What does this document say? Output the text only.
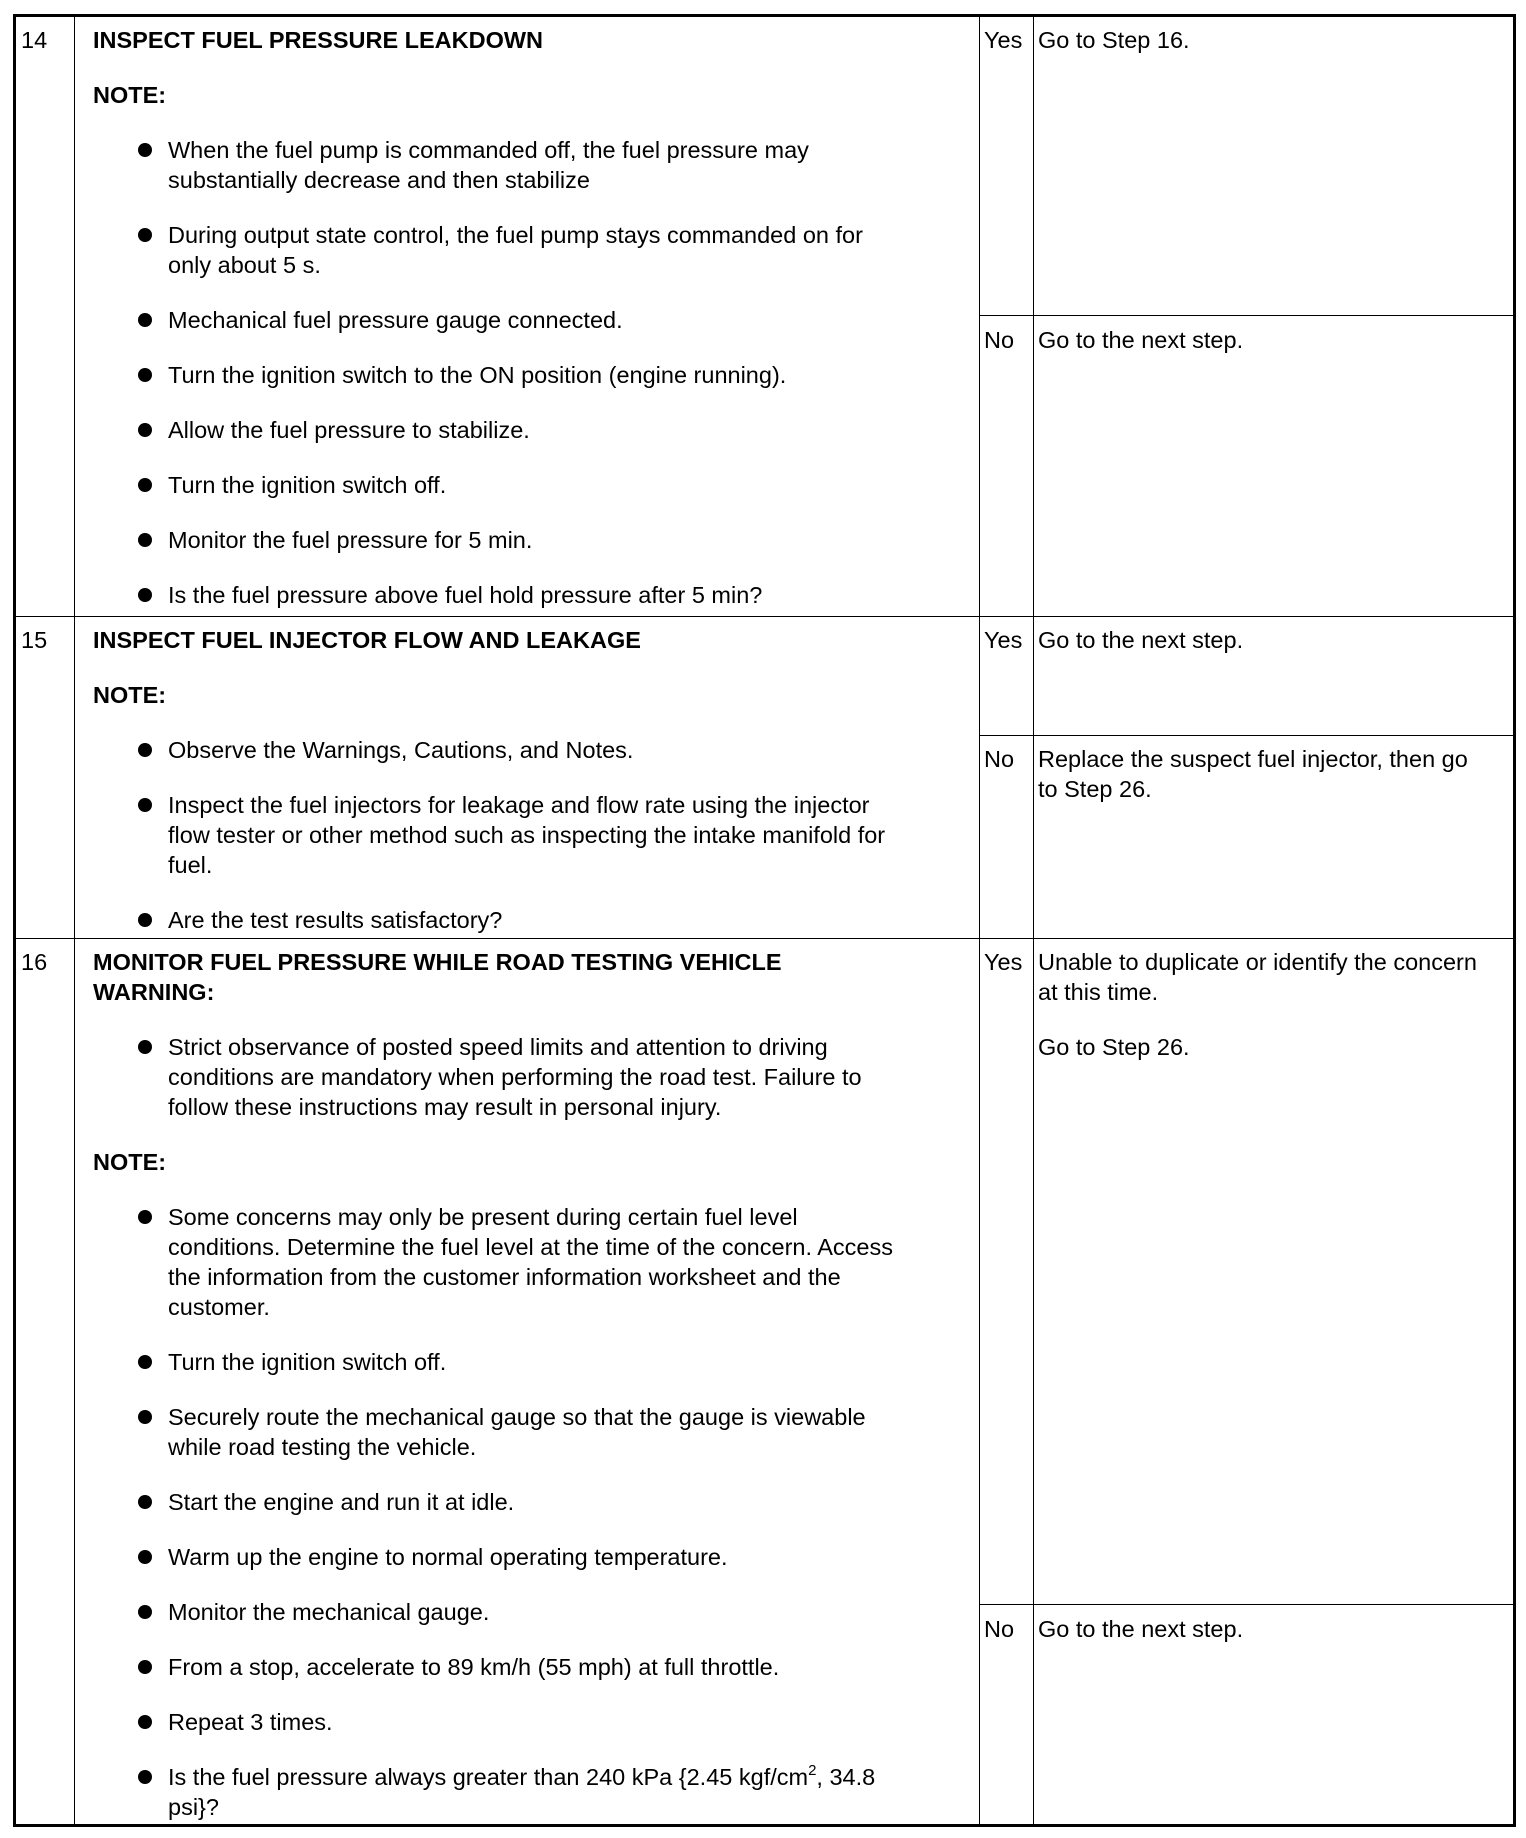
14 INSPECT FUEL PRESSURE LEAKDOWN
NOTE:
When the fuel pump is commanded off, the fuel pressure may
substantially decrease and then stabilize
During output state control, the fuel pump stays commanded on for
only about 5 s.
Mechanical fuel pressure gauge connected.
Turn the ignition switch to the ON position (engine running).
Allow the fuel pressure to stabilize.
Turn the ignition switch off.
Monitor the fuel pressure for 5 min.
Is the fuel pressure above fuel hold pressure after 5 min?
Yes Go to Step 16.
No Go to the next step.
15 INSPECT FUEL INJECTOR FLOW AND LEAKAGE
NOTE:
Observe the Warnings, Cautions, and Notes.
Inspect the fuel injectors for leakage and flow rate using the injector
flow tester or other method such as inspecting the intake manifold for
fuel.
Are the test results satisfactory?
Yes Go to the next step.
No Replace the suspect fuel injector, then go
to Step 26.
16 MONITOR FUEL PRESSURE WHILE ROAD TESTING VEHICLE
WARNING:
Strict observance of posted speed limits and attention to driving
conditions are mandatory when performing the road test. Failure to
follow these instructions may result in personal injury.
NOTE:
Some concerns may only be present during certain fuel level
conditions. Determine the fuel level at the time of the concern. Access
the information from the customer information worksheet and the
customer.
Turn the ignition switch off.
Securely route the mechanical gauge so that the gauge is viewable
while road testing the vehicle.
Start the engine and run it at idle.
Warm up the engine to normal operating temperature.
Monitor the mechanical gauge.
From a stop, accelerate to 89 km/h (55 mph) at full throttle.
Repeat 3 times.
Is the fuel pressure always greater than 240 kPa {2.45 kgf/$cm^2$, 34.8
psi}?
Yes Unable to duplicate or identify the concern
at this time.
Go to Step 26.
No Go to the next step.
